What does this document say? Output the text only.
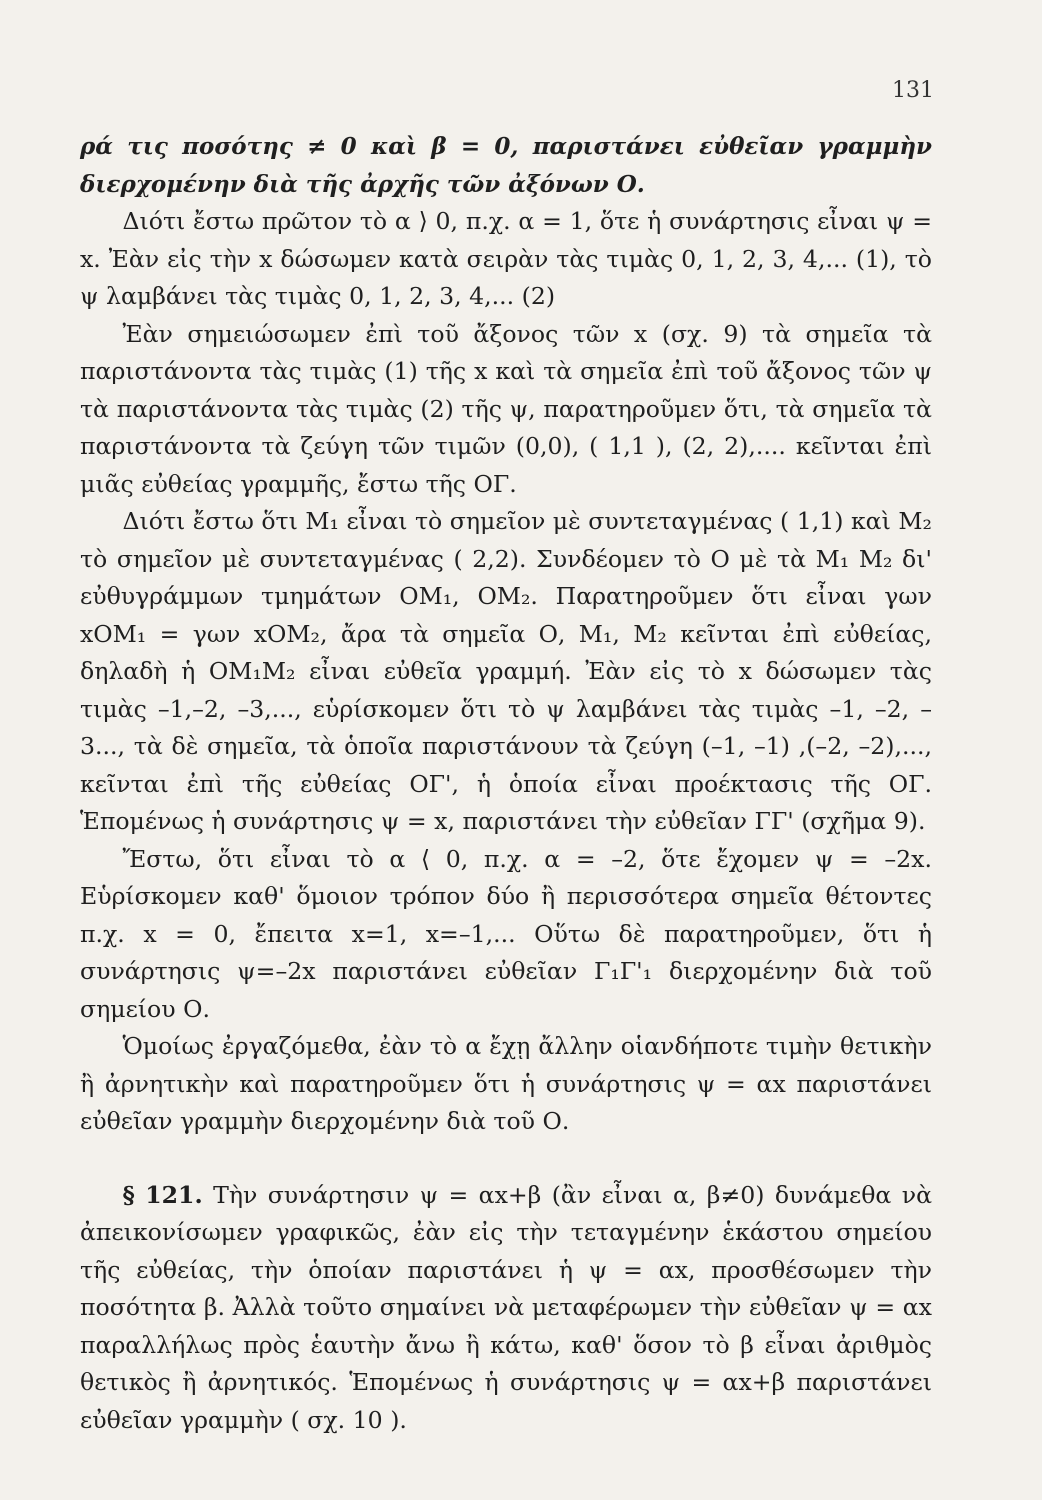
131

ρά τις ποσότης ≠ 0 καὶ β = 0, παριστάνει εὐθεῖαν γραμμὴν διερχομένην διὰ τῆς ἀρχῆς τῶν ἀξόνων Ο.

Διότι ἔστω πρῶτον τὸ α ⟩ 0, π.χ. α = 1, ὅτε ἡ συνάρτησις εἶναι ψ = x. Ἐὰν εἰς τὴν x δώσωμεν κατὰ σειρὰν τὰς τιμὰς 0, 1, 2, 3, 4,... (1), τὸ ψ λαμβάνει τὰς τιμὰς 0, 1, 2, 3, 4,... (2)

Ἐὰν σημειώσωμεν ἐπὶ τοῦ ἄξονος τῶν x (σχ. 9) τὰ σημεῖα τὰ παριστάνοντα τὰς τιμὰς (1) τῆς x καὶ τὰ σημεῖα ἐπὶ τοῦ ἄξονος τῶν ψ τὰ παριστάνοντα τὰς τιμὰς (2) τῆς ψ, παρατηροῦμεν ὅτι, τὰ σημεῖα τὰ παριστάνοντα τὰ ζεύγη τῶν τιμῶν (0,0), ( 1,1 ), (2, 2),.... κεῖνται ἐπὶ μιᾶς εὐθείας γραμμῆς, ἔστω τῆς ΟΓ.

Διότι ἔστω ὅτι Μ₁ εἶναι τὸ σημεῖον μὲ συντεταγμένας ( 1,1) καὶ Μ₂ τὸ σημεῖον μὲ συντεταγμένας ( 2,2). Συνδέομεν τὸ Ο μὲ τὰ Μ₁ Μ₂ δι' εὐθυγράμμων τμημάτων ΟΜ₁, ΟΜ₂. Παρατηροῦμεν ὅτι εἶναι γων xΟΜ₁ = γων xΟΜ₂, ἄρα τὰ σημεῖα Ο, Μ₁, Μ₂ κεῖνται ἐπὶ εὐθείας, δηλαδὴ ἡ ΟΜ₁Μ₂ εἶναι εὐθεῖα γραμμή. Ἐὰν εἰς τὸ x δώσωμεν τὰς τιμὰς –1,–2, –3,..., εὑρίσκομεν ὅτι τὸ ψ λαμβάνει τὰς τιμὰς –1, –2, –3..., τὰ δὲ σημεῖα, τὰ ὁποῖα παριστάνουν τὰ ζεύγη (–1, –1) ,(–2, –2),..., κεῖνται ἐπὶ τῆς εὐθείας ΟΓ', ἡ ὁποία εἶναι προέκτασις τῆς ΟΓ. Ἑπομένως ἡ συνάρτησις ψ = x, παριστάνει τὴν εὐθεῖαν ΓΓ' (σχῆμα 9).

Ἔστω, ὅτι εἶναι τὸ α ⟨ 0, π.χ. α = –2, ὅτε ἔχομεν ψ = –2x. Εὑρίσκομεν καθ' ὅμοιον τρόπον δύο ἢ περισσότερα σημεῖα θέτοντες π.χ. x = 0, ἔπειτα x=1, x=–1,... Οὕτω δὲ παρατηροῦμεν, ὅτι ἡ συνάρτησις ψ=–2x παριστάνει εὐθεῖαν Γ₁Γ'₁ διερχομένην διὰ τοῦ σημείου Ο.

Ὁμοίως ἐργαζόμεθα, ἐὰν τὸ α ἔχῃ ἄλλην οἱανδήποτε τιμὴν θετικὴν ἢ ἀρνητικὴν καὶ παρατηροῦμεν ὅτι ἡ συνάρτησις ψ = αx παριστάνει εὐθεῖαν γραμμὴν διερχομένην διὰ τοῦ Ο.

§ 121. Τὴν συνάρτησιν ψ = αx+β (ἂν εἶναι α, β≠0) δυνάμεθα νὰ ἀπεικονίσωμεν γραφικῶς, ἐὰν εἰς τὴν τεταγμένην ἑκάστου σημείου τῆς εὐθείας, τὴν ὁποίαν παριστάνει ἡ ψ = αx, προσθέσωμεν τὴν ποσότητα β. Ἀλλὰ τοῦτο σημαίνει νὰ μεταφέρωμεν τὴν εὐθεῖαν ψ = αx παραλλήλως πρὸς ἑαυτὴν ἄνω ἢ κάτω, καθ' ὅσον τὸ β εἶναι ἀριθμὸς θετικὸς ἢ ἀρνητικός. Ἑπομένως ἡ συνάρτησις ψ = αx+β παριστάνει εὐθεῖαν γραμμὴν ( σχ. 10 ).
